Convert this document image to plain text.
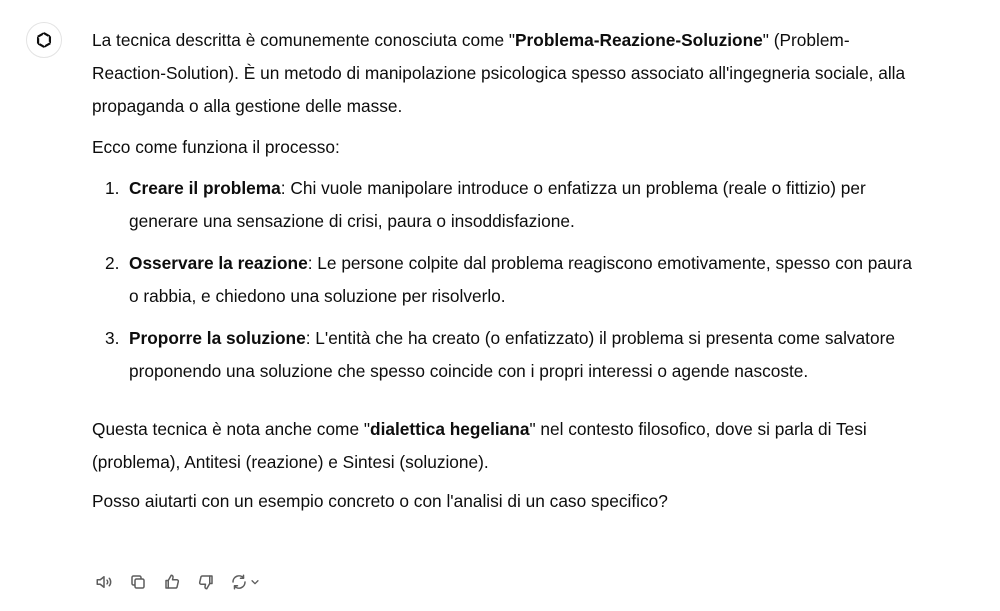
La tecnica descritta è comunemente conosciuta come "Problema-Reazione-Soluzione" (Problem-Reaction-Solution). È un metodo di manipolazione psicologica spesso associato all'ingegneria sociale, alla propaganda o alla gestione delle masse.

Ecco come funziona il processo:

1. Creare il problema: Chi vuole manipolare introduce o enfatizza un problema (reale o fittizio) per generare una sensazione di crisi, paura o insoddisfazione.
2. Osservare la reazione: Le persone colpite dal problema reagiscono emotivamente, spesso con paura o rabbia, e chiedono una soluzione per risolverlo.
3. Proporre la soluzione: L'entità che ha creato (o enfatizzato) il problema si presenta come salvatore proponendo una soluzione che spesso coincide con i propri interessi o agende nascoste.

Questa tecnica è nota anche come "dialettica hegeliana" nel contesto filosofico, dove si parla di Tesi (problema), Antitesi (reazione) e Sintesi (soluzione).

Posso aiutarti con un esempio concreto o con l'analisi di un caso specifico?
